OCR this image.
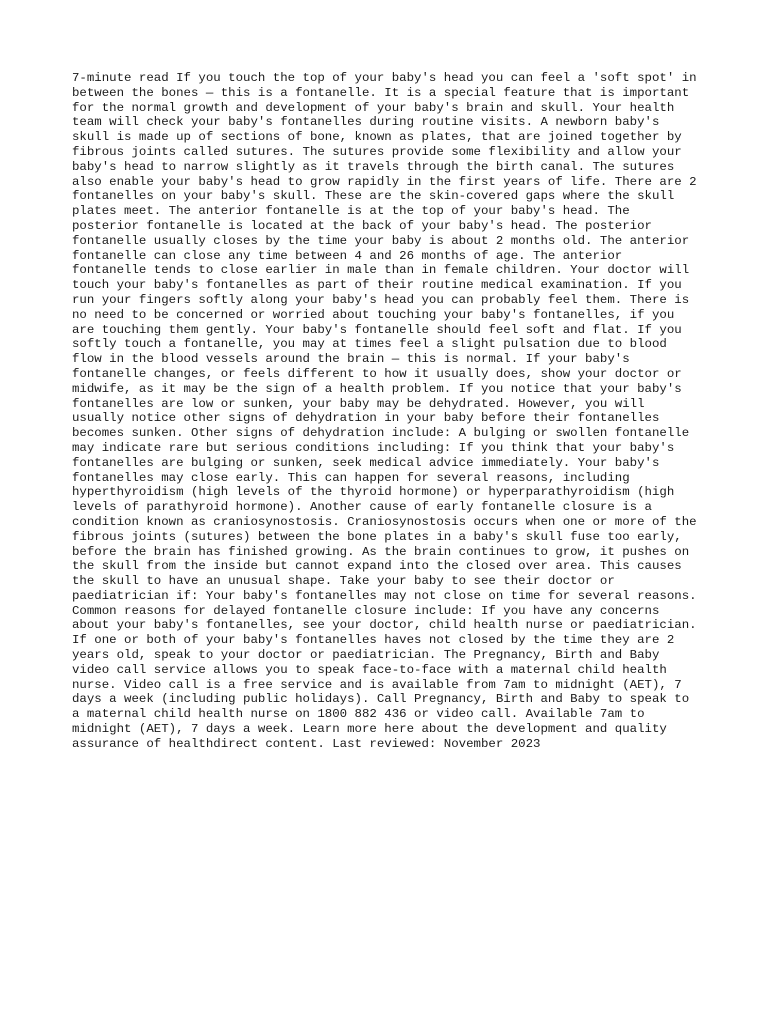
7-minute read If you touch the top of your baby's head you can feel a 'soft spot' in between the bones — this is a fontanelle. It is a special feature that is important for the normal growth and development of your baby's brain and skull. Your health team will check your baby's fontanelles during routine visits. A newborn baby's skull is made up of sections of bone, known as plates, that are joined together by fibrous joints called sutures. The sutures provide some flexibility and allow your baby's head to narrow slightly as it travels through the birth canal. The sutures also enable your baby's head to grow rapidly in the first years of life. There are 2 fontanelles on your baby's skull. These are the skin-covered gaps where the skull plates meet. The anterior fontanelle is at the top of your baby's head. The posterior fontanelle is located at the back of your baby's head. The posterior fontanelle usually closes by the time your baby is about 2 months old. The anterior fontanelle can close any time between 4 and 26 months of age. The anterior fontanelle tends to close earlier in male than in female children. Your doctor will touch your baby's fontanelles as part of their routine medical examination. If you run your fingers softly along your baby's head you can probably feel them. There is no need to be concerned or worried about touching your baby's fontanelles, if you are touching them gently. Your baby's fontanelle should feel soft and flat. If you softly touch a fontanelle, you may at times feel a slight pulsation due to blood flow in the blood vessels around the brain — this is normal. If your baby's fontanelle changes, or feels different to how it usually does, show your doctor or midwife, as it may be the sign of a health problem. If you notice that your baby's fontanelles are low or sunken, your baby may be dehydrated. However, you will usually notice other signs of dehydration in your baby before their fontanelles becomes sunken. Other signs of dehydration include: A bulging or swollen fontanelle may indicate rare but serious conditions including: If you think that your baby's fontanelles are bulging or sunken, seek medical advice immediately. Your baby's fontanelles may close early. This can happen for several reasons, including hyperthyroidism (high levels of the thyroid hormone) or hyperparathyroidism (high levels of parathyroid hormone). Another cause of early fontanelle closure is a condition known as craniosynostosis. Craniosynostosis occurs when one or more of the fibrous joints (sutures) between the bone plates in a baby's skull fuse too early, before the brain has finished growing. As the brain continues to grow, it pushes on the skull from the inside but cannot expand into the closed over area. This causes the skull to have an unusual shape. Take your baby to see their doctor or paediatrician if: Your baby's fontanelles may not close on time for several reasons. Common reasons for delayed fontanelle closure include: If you have any concerns about your baby's fontanelles, see your doctor, child health nurse or paediatrician. If one or both of your baby's fontanelles haves not closed by the time they are 2 years old, speak to your doctor or paediatrician. The Pregnancy, Birth and Baby video call service allows you to speak face-to-face with a maternal child health nurse. Video call is a free service and is available from 7am to midnight (AET), 7 days a week (including public holidays). Call Pregnancy, Birth and Baby to speak to a maternal child health nurse on 1800 882 436 or video call. Available 7am to midnight (AET), 7 days a week. Learn more here about the development and quality assurance of healthdirect content. Last reviewed: November 2023
